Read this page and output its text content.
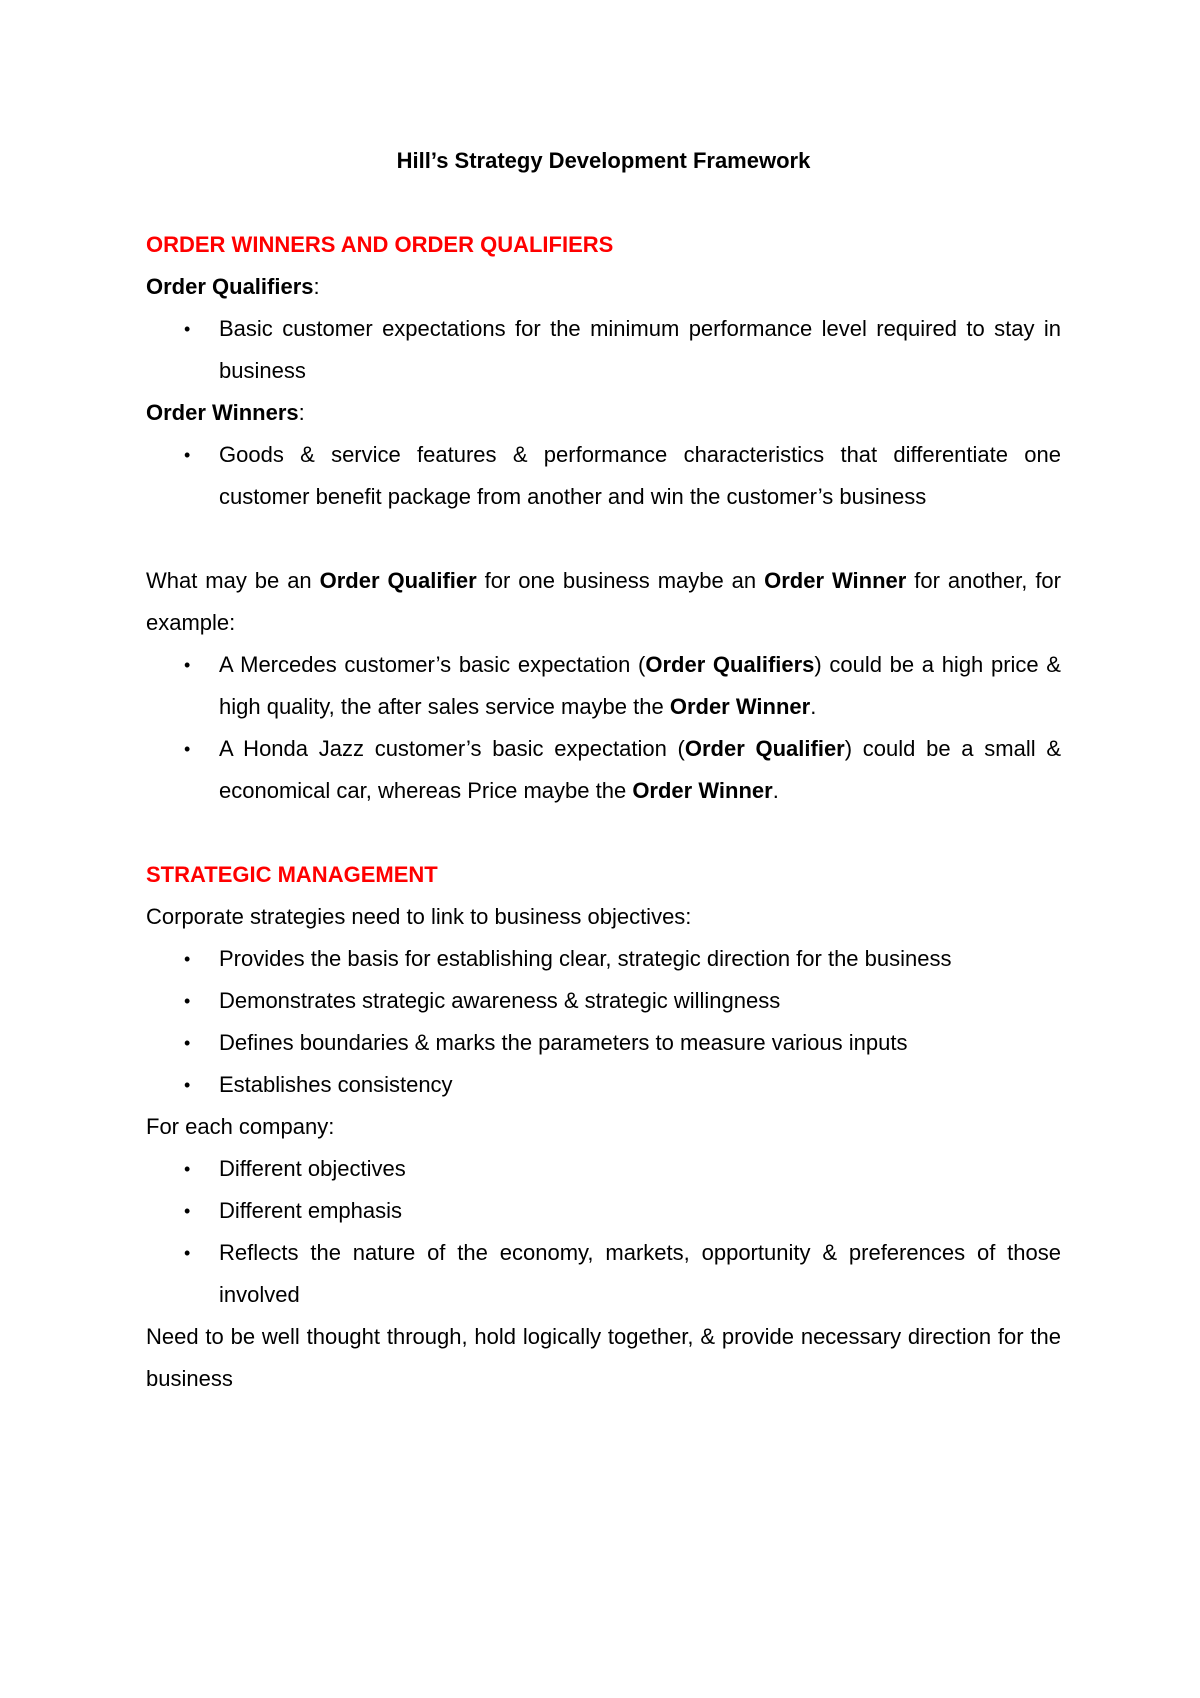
Hill’s Strategy Development Framework
ORDER WINNERS AND ORDER QUALIFIERS
Order Qualifiers:
• Basic customer expectations for the minimum performance level required to stay in business
Order Winners:
• Goods & service features & performance characteristics that differentiate one customer benefit package from another and win the customer’s business

What may be an Order Qualifier for one business maybe an Order Winner for another, for example:

• A Mercedes customer’s basic expectation (Order Qualifiers) could be a high price & high quality, the after sales service maybe the Order Winner.
• A Honda Jazz customer’s basic expectation (Order Qualifier) could be a small & economical car, whereas Price maybe the Order Winner.
STRATEGIC MANAGEMENT

Corporate strategies need to link to business objectives:

• Provides the basis for establishing clear, strategic direction for the business
• Demonstrates strategic awareness & strategic willingness
• Defines boundaries & marks the parameters to measure various inputs
• Establishes consistency

For each company:

• Different objectives
• Different emphasis
• Reflects the nature of the economy, markets, opportunity & preferences of those involved

Need to be well thought through, hold logically together, & provide necessary direction for the business
